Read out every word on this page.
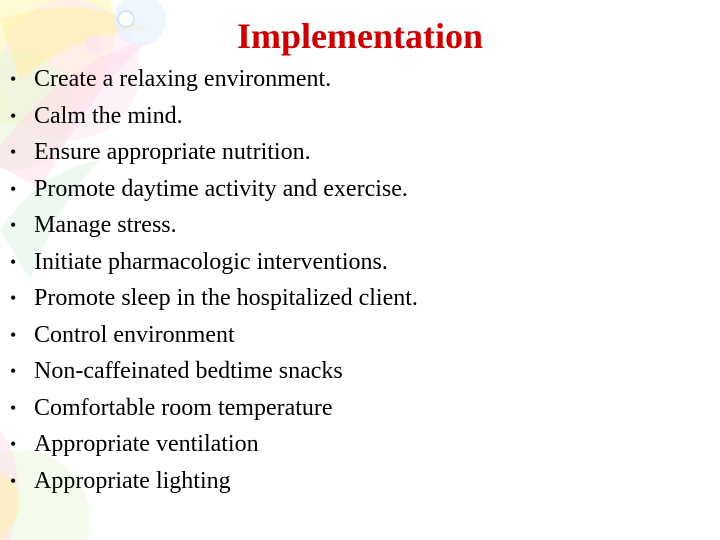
Implementation
• Create a relaxing environment.
• Calm the mind.
• Ensure appropriate nutrition.
• Promote daytime activity and exercise.
• Manage stress.
• Initiate pharmacologic interventions.
• Promote sleep in the hospitalized client.
• Control environment
• Non-caffeinated bedtime snacks
• Comfortable room temperature
• Appropriate ventilation
• Appropriate lighting
